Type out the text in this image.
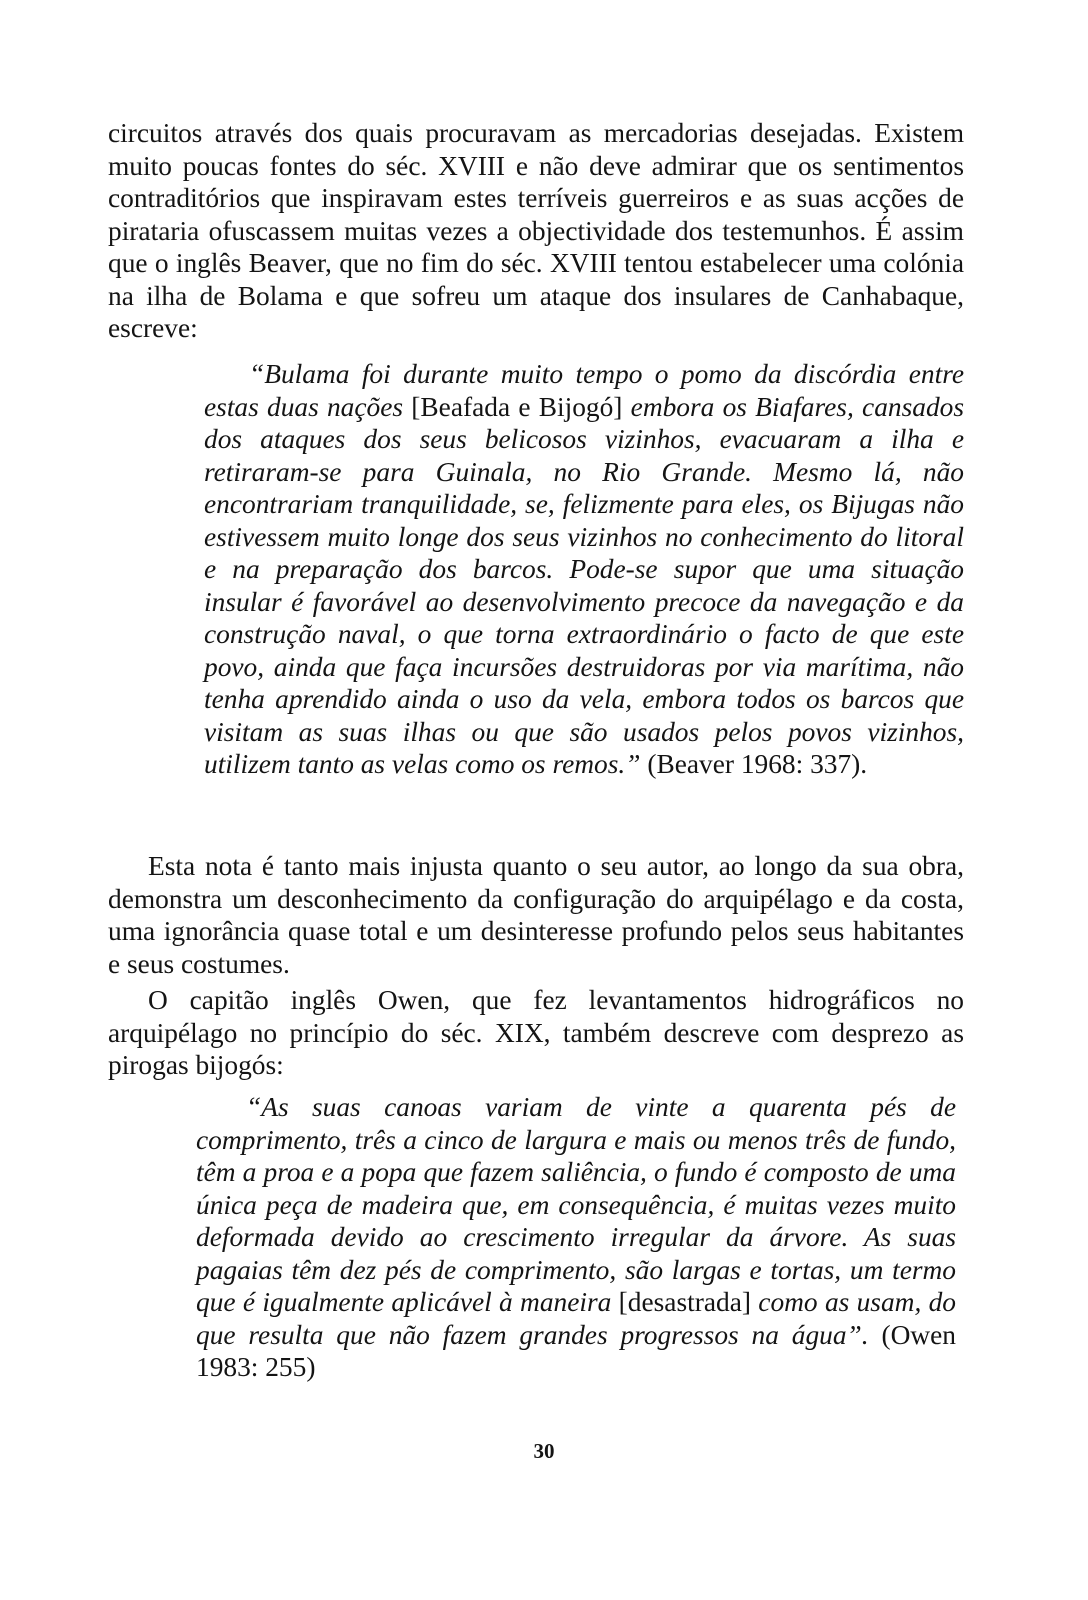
circuitos através dos quais procuravam as mercadorias desejadas. Existem muito poucas fontes do séc. XVIII e não deve admirar que os sentimentos contraditórios que inspiravam estes terríveis guerreiros e as suas acções de pirataria ofuscassem muitas vezes a objectividade dos testemunhos. É assim que o inglês Beaver, que no fim do séc. XVIII tentou estabelecer uma colónia na ilha de Bolama e que sofreu um ataque dos insulares de Canhabaque, escreve:

“Bulama foi durante muito tempo o pomo da discórdia entre estas duas nações [Beafada e Bijogó] embora os Biafares, cansados dos ataques dos seus belicosos vizinhos, evacuaram a ilha e retiraram-se para Guinala, no Rio Grande. Mesmo lá, não encontrariam tranquilidade, se, felizmente para eles, os Bijugas não estivessem muito longe dos seus vizinhos no conhecimento do litoral e na preparação dos barcos. Pode-se supor que uma situação insular é favorável ao desenvolvimento precoce da navegação e da construção naval, o que torna extraordinário o facto de que este povo, ainda que faça incursões destruidoras por via marítima, não tenha aprendido ainda o uso da vela, embora todos os barcos que visitam as suas ilhas ou que são usados pelos povos vizinhos, utilizem tanto as velas como os remos.” (Beaver 1968: 337).

Esta nota é tanto mais injusta quanto o seu autor, ao longo da sua obra, demonstra um desconhecimento da configuração do arquipélago e da costa, uma ignorância quase total e um desinteresse profundo pelos seus habitantes e seus costumes.

O capitão inglês Owen, que fez levantamentos hidrográficos no arquipélago no princípio do séc. XIX, também descreve com desprezo as pirogas bijogós:

“As suas canoas variam de vinte a quarenta pés de comprimento, três a cinco de largura e mais ou menos três de fundo, têm a proa e a popa que fazem saliência, o fundo é composto de uma única peça de madeira que, em consequência, é muitas vezes muito deformada devido ao crescimento irregular da árvore. As suas pagaias têm dez pés de comprimento, são largas e tortas, um termo que é igualmente aplicável à maneira [desastrada] como as usam, do que resulta que não fazem grandes progressos na água”. (Owen 1983: 255)

30
